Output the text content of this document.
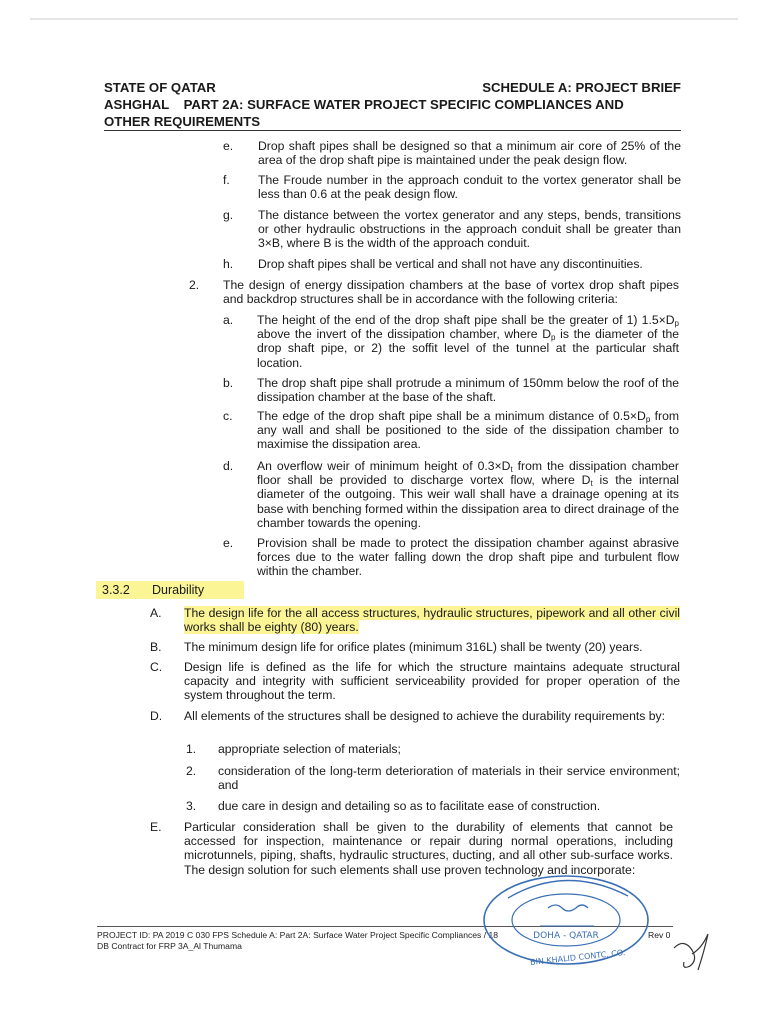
STATE OF QATAR	SCHEDULE A: PROJECT BRIEF
ASHGHAL    PART 2A: SURFACE WATER PROJECT SPECIFIC COMPLIANCES AND
OTHER REQUIREMENTS
e. Drop shaft pipes shall be designed so that a minimum air core of 25% of the area of the drop shaft pipe is maintained under the peak design flow.
f. The Froude number in the approach conduit to the vortex generator shall be less than 0.6 at the peak design flow.
g. The distance between the vortex generator and any steps, bends, transitions or other hydraulic obstructions in the approach conduit shall be greater than 3×B, where B is the width of the approach conduit.
h. Drop shaft pipes shall be vertical and shall not have any discontinuities.
2. The design of energy dissipation chambers at the base of vortex drop shaft pipes and backdrop structures shall be in accordance with the following criteria:
a. The height of the end of the drop shaft pipe shall be the greater of 1) $1.5\times D_p$ above the invert of the dissipation chamber, where $D_p$ is the diameter of the drop shaft pipe, or 2) the soffit level of the tunnel at the particular shaft location.
b. The drop shaft pipe shall protrude a minimum of 150mm below the roof of the dissipation chamber at the base of the shaft.
c. The edge of the drop shaft pipe shall be a minimum distance of $0.5\times D_p$ from any wall and shall be positioned to the side of the dissipation chamber to maximise the dissipation area.
d. An overflow weir of minimum height of $0.3\times D_t$ from the dissipation chamber floor shall be provided to discharge vortex flow, where $D_t$ is the internal diameter of the outgoing. This weir wall shall have a drainage opening at its base with benching formed within the dissipation area to direct drainage of the chamber towards the opening.
e. Provision shall be made to protect the dissipation chamber against abrasive forces due to the water falling down the drop shaft pipe and turbulent flow within the chamber.
3.3.2 Durability
A. The design life for the all access structures, hydraulic structures, pipework and all other civil works shall be eighty (80) years.
B. The minimum design life for orifice plates (minimum 316L) shall be twenty (20) years.
C. Design life is defined as the life for which the structure maintains adequate structural capacity and integrity with sufficient serviceability provided for proper operation of the system throughout the term.
D. All elements of the structures shall be designed to achieve the durability requirements by:
1. appropriate selection of materials;
2. consideration of the long-term deterioration of materials in their service environment; and
3. due care in design and detailing so as to facilitate ease of construction.
E. Particular consideration shall be given to the durability of elements that cannot be accessed for inspection, maintenance or repair during normal operations, including microtunnels, piping, shafts, hydraulic structures, ducting, and all other sub-surface works. The design solution for such elements shall use proven technology and incorporate:
PROJECT ID: PA 2019 C 030 FPS Schedule A: Part 2A: Surface Water Project Specific Compliances / 18
DB Contract for FRP 3A_Al Thumama
Rev 0
DOHA - QATAR
BIN KHALID CONTC. CO.
